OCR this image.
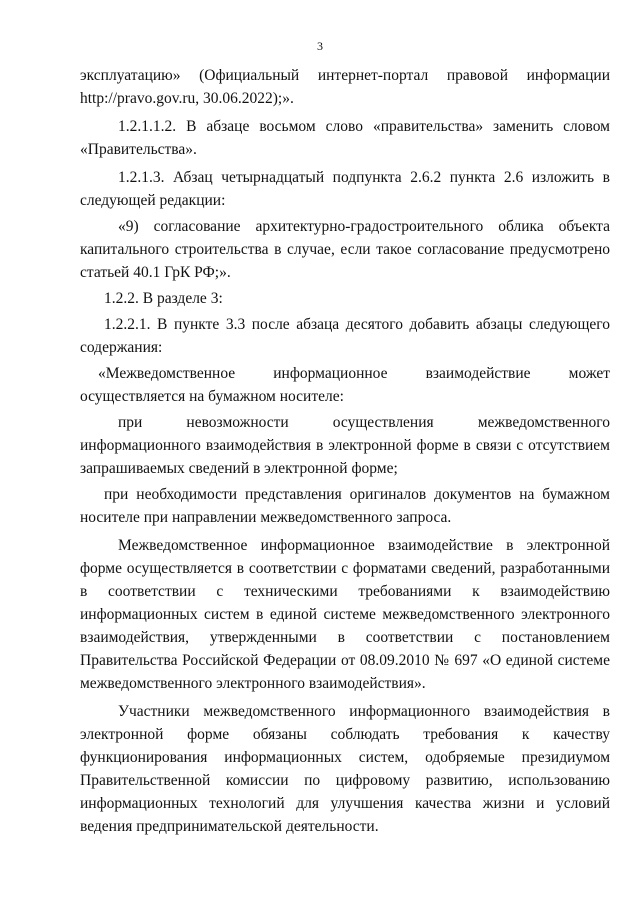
3

эксплуатацию» (Официальный интернет-портал правовой информации http://pravo.gov.ru, 30.06.2022);».

1.2.1.1.2. В абзаце восьмом слово «правительства» заменить словом «Правительства».

1.2.1.3. Абзац четырнадцатый подпункта 2.6.2 пункта 2.6 изложить в следующей редакции:

«9) согласование архитектурно-градостроительного облика объекта капитального строительства в случае, если такое согласование предусмотрено статьей 40.1 ГрК РФ;».

1.2.2. В разделе 3:

1.2.2.1. В пункте 3.3 после абзаца десятого добавить абзацы следующего содержания:

«Межведомственное информационное взаимодействие может осуществляется на бумажном носителе:

при невозможности осуществления межведомственного информационного взаимодействия в электронной форме в связи с отсутствием запрашиваемых сведений в электронной форме;

при необходимости представления оригиналов документов на бумажном носителе при направлении межведомственного запроса.

Межведомственное информационное взаимодействие в электронной форме осуществляется в соответствии с форматами сведений, разработанными в соответствии с техническими требованиями к взаимодействию информационных систем в единой системе межведомственного электронного взаимодействия, утвержденными в соответствии с постановлением Правительства Российской Федерации от 08.09.2010 № 697 «О единой системе межведомственного электронного взаимодействия».

Участники межведомственного информационного взаимодействия в электронной форме обязаны соблюдать требования к качеству функционирования информационных систем, одобряемые президиумом Правительственной комиссии по цифровому развитию, использованию информационных технологий для улучшения качества жизни и условий ведения предпринимательской деятельности.
